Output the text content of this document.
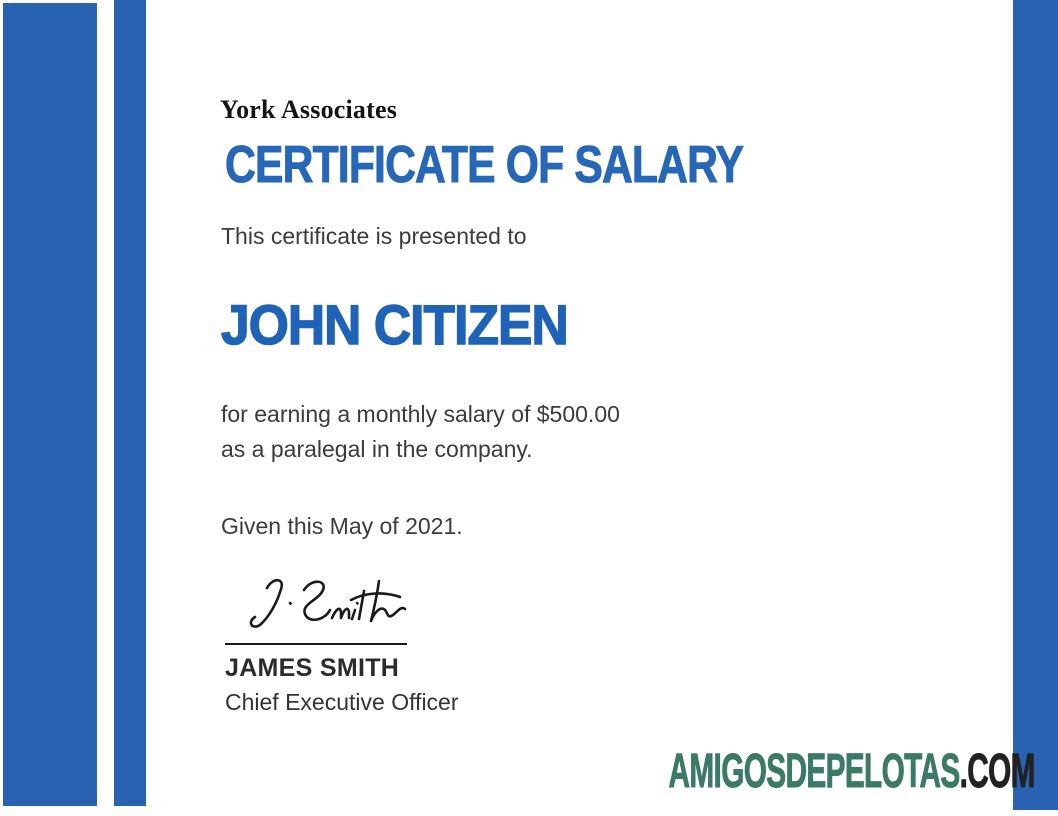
York Associates
CERTIFICATE OF SALARY
This certificate is presented to
JOHN CITIZEN
for earning a monthly salary of $500.00
as a paralegal in the company.
Given this May of 2021.
JAMES SMITH
Chief Executive Officer
AMIGOSDEPELOTAS.COM
